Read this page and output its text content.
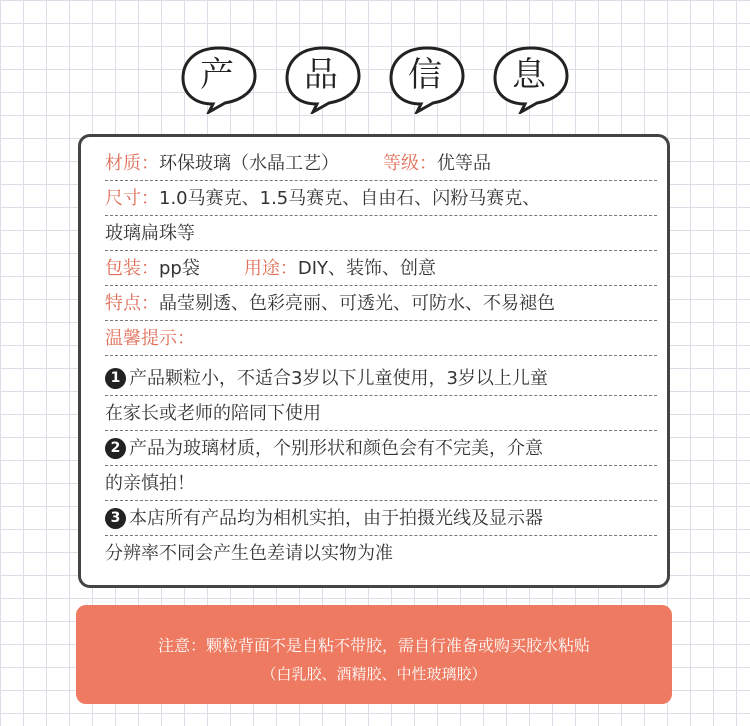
产	品	信	息
材质：环保玻璃（水晶工艺） 等级：优等品
尺寸：1.0马赛克、1.5马赛克、自由石、闪粉马赛克、
玻璃扁珠等
包装：pp袋 用途：DIY、装饰、创意
特点：晶莹剔透、色彩亮丽、可透光、可防水、不易褪色
温馨提示：
1 产品颗粒小，不适合3岁以下儿童使用，3岁以上儿童
在家长或老师的陪同下使用
2 产品为玻璃材质，个别形状和颜色会有不完美，介意
的亲慎拍！
3 本店所有产品均为相机实拍，由于拍摄光线及显示器
分辨率不同会产生色差请以实物为准
注意：颗粒背面不是自粘不带胶，需自行准备或购买胶水粘贴
（白乳胶、酒精胶、中性玻璃胶）
